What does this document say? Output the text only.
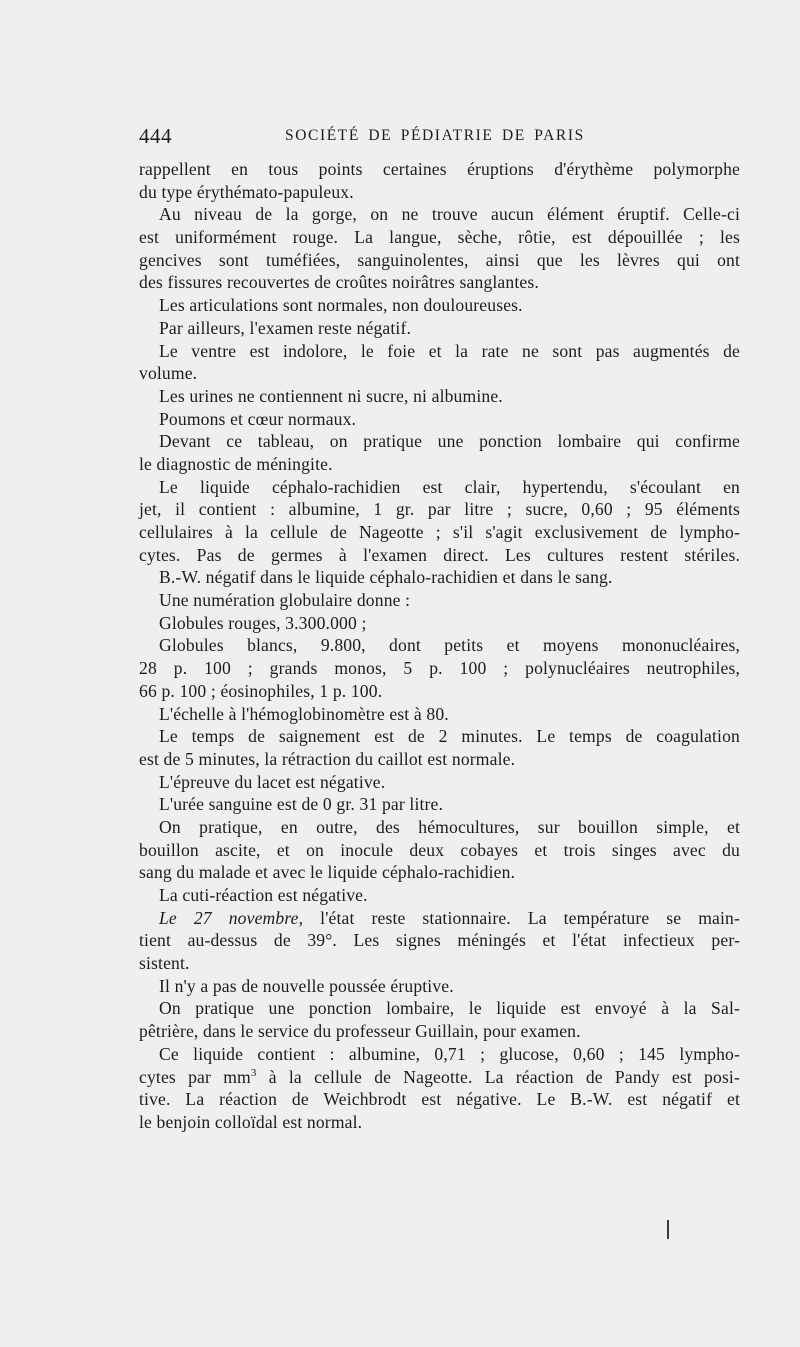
444	SOCIÉTÉ DE PÉDIATRIE DE PARIS
rappellent en tous points certaines éruptions d'érythème polymorphe
du type érythémato-papuleux.
Au niveau de la gorge, on ne trouve aucun élément éruptif. Celle-ci
est uniformément rouge. La langue, sèche, rôtie, est dépouillée ; les
gencives sont tuméfiées, sanguinolentes, ainsi que les lèvres qui ont
des fissures recouvertes de croûtes noirâtres sanglantes.
Les articulations sont normales, non douloureuses.
Par ailleurs, l'examen reste négatif.
Le ventre est indolore, le foie et la rate ne sont pas augmentés de
volume.
Les urines ne contiennent ni sucre, ni albumine.
Poumons et cœur normaux.
Devant ce tableau, on pratique une ponction lombaire qui confirme
le diagnostic de méningite.
Le liquide céphalo-rachidien est clair, hypertendu, s'écoulant en
jet, il contient : albumine, 1 gr. par litre ; sucre, 0,60 ; 95 éléments
cellulaires à la cellule de Nageotte ; s'il s'agit exclusivement de lympho-
cytes. Pas de germes à l'examen direct. Les cultures restent stériles.
B.-W. négatif dans le liquide céphalo-rachidien et dans le sang.
Une numération globulaire donne :
Globules rouges, 3.300.000 ;
Globules blancs, 9.800, dont petits et moyens mononucléaires,
28 p. 100 ; grands monos, 5 p. 100 ; polynucléaires neutrophiles,
66 p. 100 ; éosinophiles, 1 p. 100.
L'échelle à l'hémoglobinomètre est à 80.
Le temps de saignement est de 2 minutes. Le temps de coagulation
est de 5 minutes, la rétraction du caillot est normale.
L'épreuve du lacet est négative.
L'urée sanguine est de 0 gr. 31 par litre.
On pratique, en outre, des hémocultures, sur bouillon simple, et
bouillon ascite, et on inocule deux cobayes et trois singes avec du
sang du malade et avec le liquide céphalo-rachidien.
La cuti-réaction est négative.
Le 27 novembre, l'état reste stationnaire. La température se main-
tient au-dessus de 39°. Les signes méningés et l'état infectieux per-
sistent.
Il n'y a pas de nouvelle poussée éruptive.
On pratique une ponction lombaire, le liquide est envoyé à la Sal-
pêtrière, dans le service du professeur Guillain, pour examen.
Ce liquide contient : albumine, 0,71 ; glucose, 0,60 ; 145 lympho-
cytes par $mm^3$ à la cellule de Nageotte. La réaction de Pandy est posi-
tive. La réaction de Weichbrodt est négative. Le B.-W. est négatif et
le benjoin colloïdal est normal.
